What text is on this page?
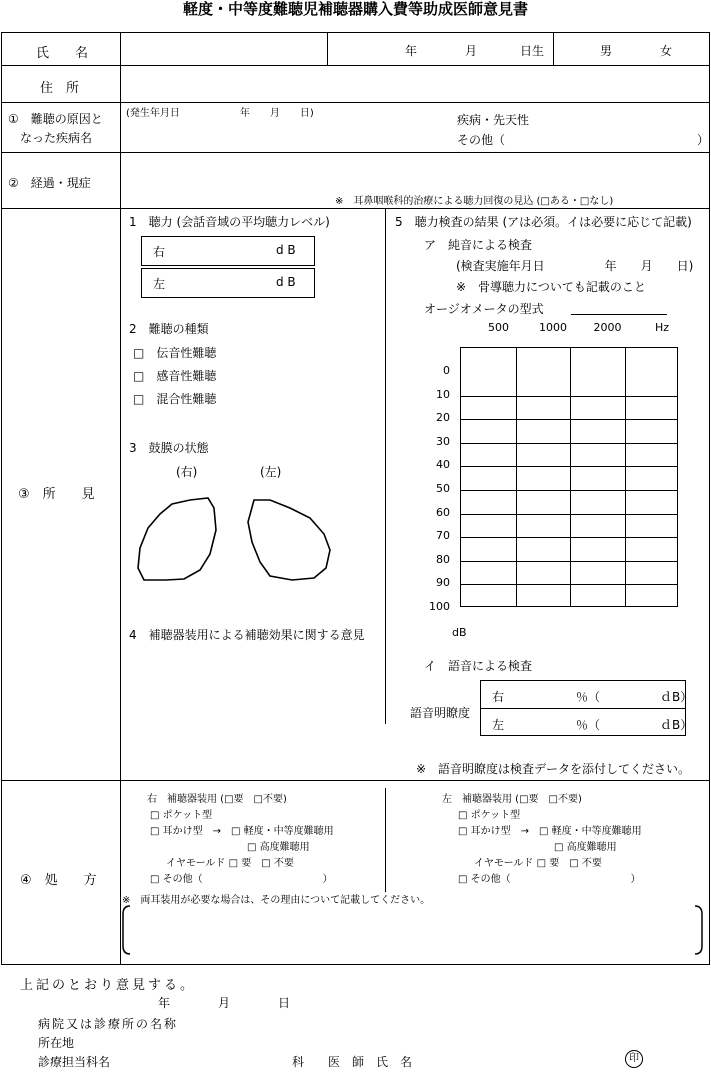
軽度・中等度難聴児補聴器購入費等助成医師意見書
氏　　名	年	月	日生	男	女
住　所
①　難聴の原因と
なった疾病名
(発生年月日　　　　　　年　　月　　日)	疾病・先天性
その他（　　　　　　　　　　　　　　　　）
②　経過・現症
※　耳鼻咽喉科的治療による聴力回復の見込 (□ある・□なし)
③　所　　見
1　聴力 (会話音域の平均聴力レベル)
右	d B
左	d B
2　難聴の種類
□　伝音性難聴
□　感音性難聴
□　混合性難聴
3　鼓膜の状態
(右)	(左)
4　補聴器装用による補聴効果に関する意見
5　聴力検査の結果 (アは必須。イは必要に応じて記載)
ア　純音による検査
(検査実施年月日　　　　　年　　月　　日)
※　骨導聴力についても記載のこと
オージオメータの型式
0
10
20
30
40
50
60
70
80
90
100
500	1000	2000	Hz
dB
イ　語音による検査
語音明瞭度
右　　　　　　％（　　　　　ｄB）
左　　　　　　％（　　　　　ｄB）
※　語音明瞭度は検査データを添付してください。
④　処　　方
右　補聴器装用 (□要　□不要)
□ ポケット型
□ 耳かけ型　→　□ 軽度・中等度難聴用
□ 高度難聴用
イヤモールド □ 要　□ 不要
□ その他（　　　　　　　　　　　　）
左　補聴器装用 (□要　□不要)
□ ポケット型
□ 耳かけ型　→　□ 軽度・中等度難聴用
□ 高度難聴用
イヤモールド □ 要　□ 不要
□ その他（　　　　　　　　　　　　）
※　両耳装用が必要な場合は、その理由について記載してください。
上記のとおり意見する。
年　　　　月　　　　日
病院又は診療所の名称
所在地
診療担当科名	科　　医　師　氏　名	印
